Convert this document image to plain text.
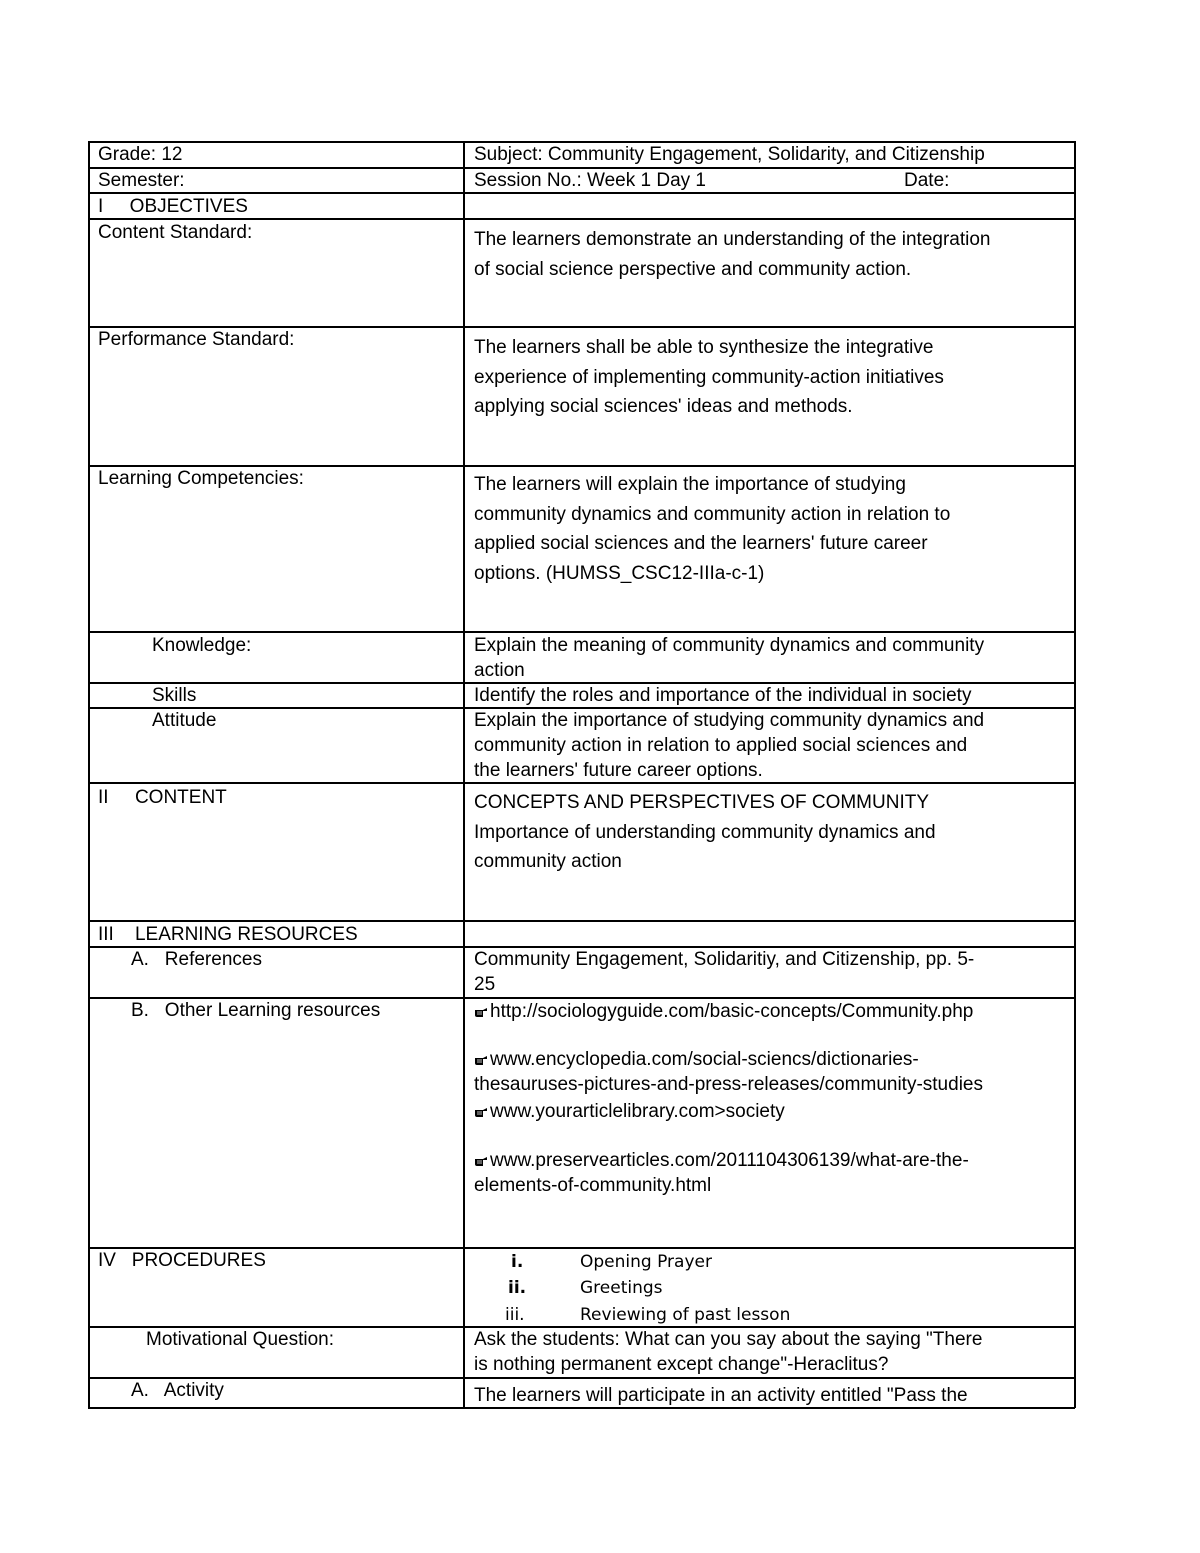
Grade: 12	Subject: Community Engagement, Solidarity, and Citizenship
Semester:	Session No.: Week 1 Day 1	Date:
I     OBJECTIVES
Content Standard:	The learners demonstrate an understanding of the integration
of social science perspective and community action.
Performance Standard:	The learners shall be able to synthesize the integrative
experience of implementing community-action initiatives
applying social sciences' ideas and methods.
Learning Competencies:	The learners will explain the importance of studying
community dynamics and community action in relation to
applied social sciences and the learners' future career
options. (HUMSS_CSC12-IIIa-c-1)
Knowledge:	Explain the meaning of community dynamics and community
action
Skills	Identify the roles and importance of the individual in society
Attitude	Explain the importance of studying community dynamics and
community action in relation to applied social sciences and
the learners' future career options.
II     CONTENT	CONCEPTS AND PERSPECTIVES OF COMMUNITY
Importance of understanding community dynamics and
community action
III    LEARNING RESOURCES
A.   References	Community Engagement, Solidaritiy, and Citizenship, pp. 5-
25
B.   Other Learning resources	http://sociologyguide.com/basic-concepts/Community.php
www.encyclopedia.com/social-sciencs/dictionaries-
thesauruses-pictures-and-press-releases/community-studies
www.yourarticlelibrary.com>society
www.preservearticles.com/2011104306139/what-are-the-
elements-of-community.html
IV   PROCEDURES	i.	Opening Prayer
ii.	Greetings
iii.	Reviewing of past lesson
Motivational Question:	Ask the students: What can you say about the saying "There
is nothing permanent except change"-Heraclitus?
A.   Activity	The learners will participate in an activity entitled "Pass the
